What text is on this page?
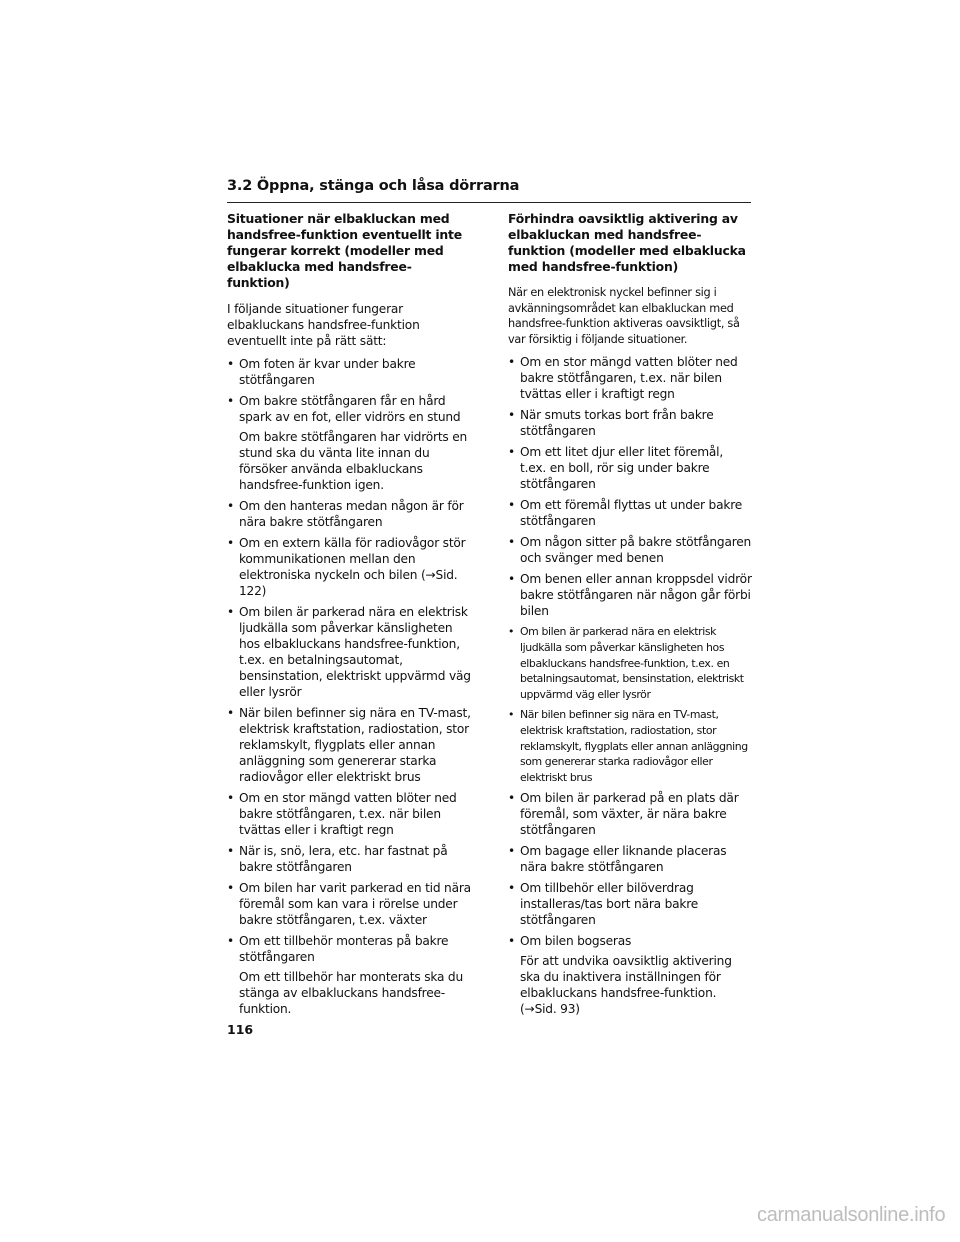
3.2 Öppna, stänga och låsa dörrarna
Situationer när elbakluckan med handsfree-funktion eventuellt inte fungerar korrekt (modeller med elbaklucka med handsfree-funktion)
I följande situationer fungerar elbakluckans handsfree-funktion eventuellt inte på rätt sätt:
• Om foten är kvar under bakre stötfångaren
• Om bakre stötfångaren får en hård spark av en fot, eller vidrörs en stund
Om bakre stötfångaren har vidrörts en stund ska du vänta lite innan du försöker använda elbakluckans handsfree-funktion igen.
• Om den hanteras medan någon är för nära bakre stötfångaren
• Om en extern källa för radiovågor stör kommunikationen mellan den elektroniska nyckeln och bilen (→Sid. 122)
• Om bilen är parkerad nära en elektrisk ljudkälla som påverkar känsligheten hos elbakluckans handsfree-funktion, t.ex. en betalningsautomat, bensinstation, elektriskt uppvärmd väg eller lysrör
• När bilen befinner sig nära en TV-mast, elektrisk kraftstation, radiostation, stor reklamskylt, flygplats eller annan anläggning som genererar starka radiovågor eller elektriskt brus
• Om en stor mängd vatten blöter ned bakre stötfångaren, t.ex. när bilen tvättas eller i kraftigt regn
• När is, snö, lera, etc. har fastnat på bakre stötfångaren
• Om bilen har varit parkerad en tid nära föremål som kan vara i rörelse under bakre stötfångaren, t.ex. växter
• Om ett tillbehör monteras på bakre stötfångaren
Om ett tillbehör har monterats ska du stänga av elbakluckans handsfree-funktion.
Förhindra oavsiktlig aktivering av elbakluckan med handsfree-funktion (modeller med elbaklucka med handsfree-funktion)
När en elektronisk nyckel befinner sig i avkänningsområdet kan elbakluckan med handsfree-funktion aktiveras oavsiktligt, så var försiktig i följande situationer.
• Om en stor mängd vatten blöter ned bakre stötfångaren, t.ex. när bilen tvättas eller i kraftigt regn
• När smuts torkas bort från bakre stötfångaren
• Om ett litet djur eller litet föremål, t.ex. en boll, rör sig under bakre stötfångaren
• Om ett föremål flyttas ut under bakre stötfångaren
• Om någon sitter på bakre stötfångaren och svänger med benen
• Om benen eller annan kroppsdel vidrör bakre stötfångaren när någon går förbi bilen
• Om bilen är parkerad nära en elektrisk ljudkälla som påverkar känsligheten hos elbakluckans handsfree-funktion, t.ex. en betalningsautomat, bensinstation, elektriskt uppvärmd väg eller lysrör
• När bilen befinner sig nära en TV-mast, elektrisk kraftstation, radiostation, stor reklamskylt, flygplats eller annan anläggning som genererar starka radiovågor eller elektriskt brus
• Om bilen är parkerad på en plats där föremål, som växter, är nära bakre stötfångaren
• Om bagage eller liknande placeras nära bakre stötfångaren
• Om tillbehör eller bilöverdrag installeras/tas bort nära bakre stötfångaren
• Om bilen bogseras
För att undvika oavsiktlig aktivering ska du inaktivera inställningen för elbakluckans handsfree-funktion. (→Sid. 93)
116
carmanualsonline.info
